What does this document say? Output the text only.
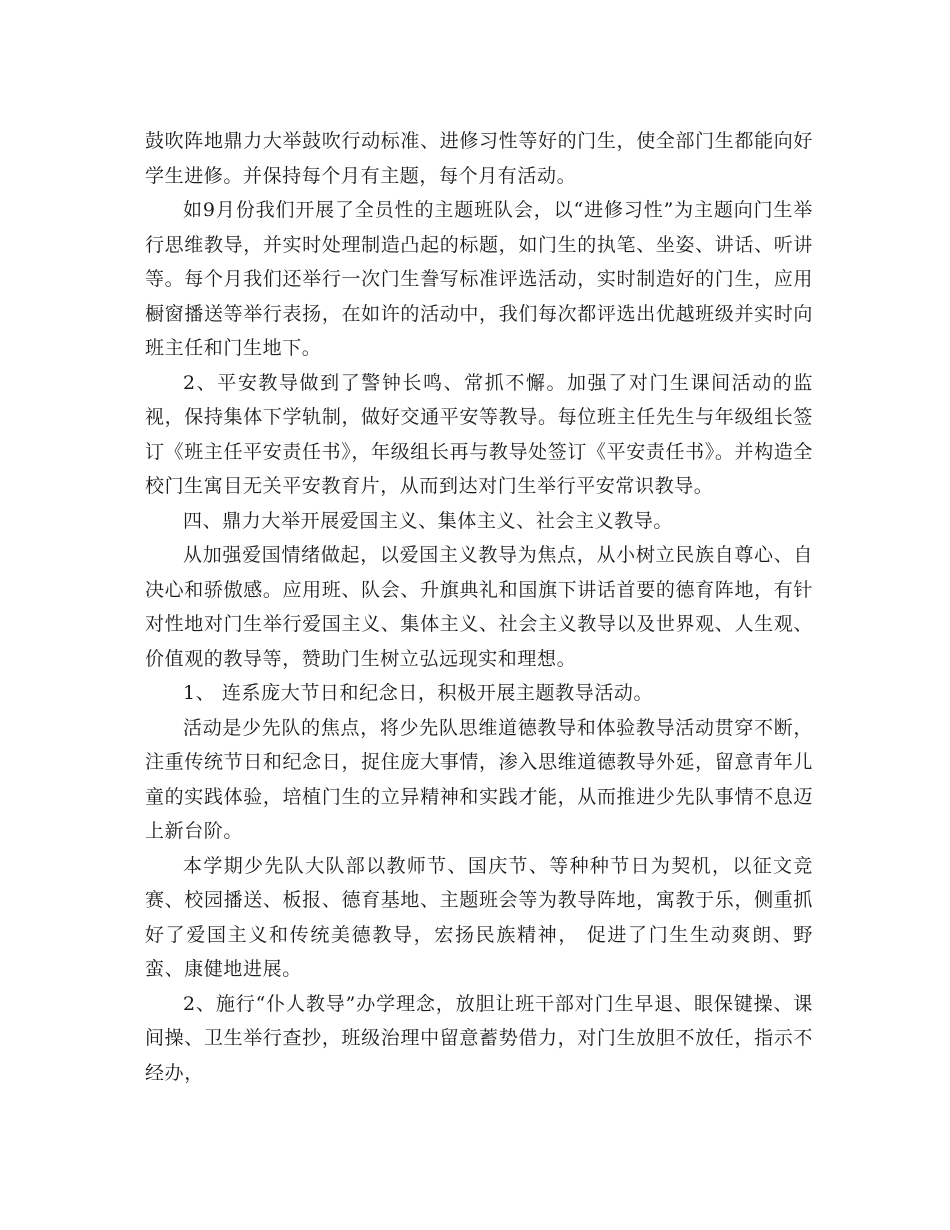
鼓吹阵地鼎力大举鼓吹行动标准、进修习性等好的门生，使全部门生都能向好学生进修。并保持每个月有主题，每个月有活动。

如9月份我们开展了全员性的主题班队会，以“进修习性”为主题向门生举行思维教导，并实时处理制造凸起的标题，如门生的执笔、坐姿、讲话、听讲等。每个月我们还举行一次门生誊写标准评选活动，实时制造好的门生，应用橱窗播送等举行表扬，在如许的活动中，我们每次都评选出优越班级并实时向班主任和门生地下。

2、平安教导做到了警钟长鸣、常抓不懈。加强了对门生课间活动的监视，保持集体下学轨制，做好交通平安等教导。每位班主任先生与年级组长签订《班主任平安责任书》，年级组长再与教导处签订《平安责任书》。并构造全校门生寓目无关平安教育片，从而到达对门生举行平安常识教导。

四、鼎力大举开展爱国主义、集体主义、社会主义教导。

从加强爱国情绪做起，以爱国主义教导为焦点，从小树立民族自尊心、自决心和骄傲感。应用班、队会、升旗典礼和国旗下讲话首要的德育阵地，有针对性地对门生举行爱国主义、集体主义、社会主义教导以及世界观、人生观、价值观的教导等，赞助门生树立弘远现实和理想。

1、 连系庞大节日和纪念日，积极开展主题教导活动。

活动是少先队的焦点，将少先队思维道德教导和体验教导活动贯穿不断，注重传统节日和纪念日，捉住庞大事情，渗入思维道德教导外延，留意青年儿童的实践体验，培植门生的立异精神和实践才能，从而推进少先队事情不息迈上新台阶。

本学期少先队大队部以教师节、国庆节、等种种节日为契机，以征文竞赛、校园播送、板报、德育基地、主题班会等为教导阵地，寓教于乐，侧重抓好了爱国主义和传统美德教导，宏扬民族精神， 促进了门生生动爽朗、野蛮、康健地进展。

2、施行“仆人教导”办学理念，放胆让班干部对门生早退、眼保键操、课间操、卫生举行查抄，班级治理中留意蓄势借力，对门生放胆不放任，指示不经办，
